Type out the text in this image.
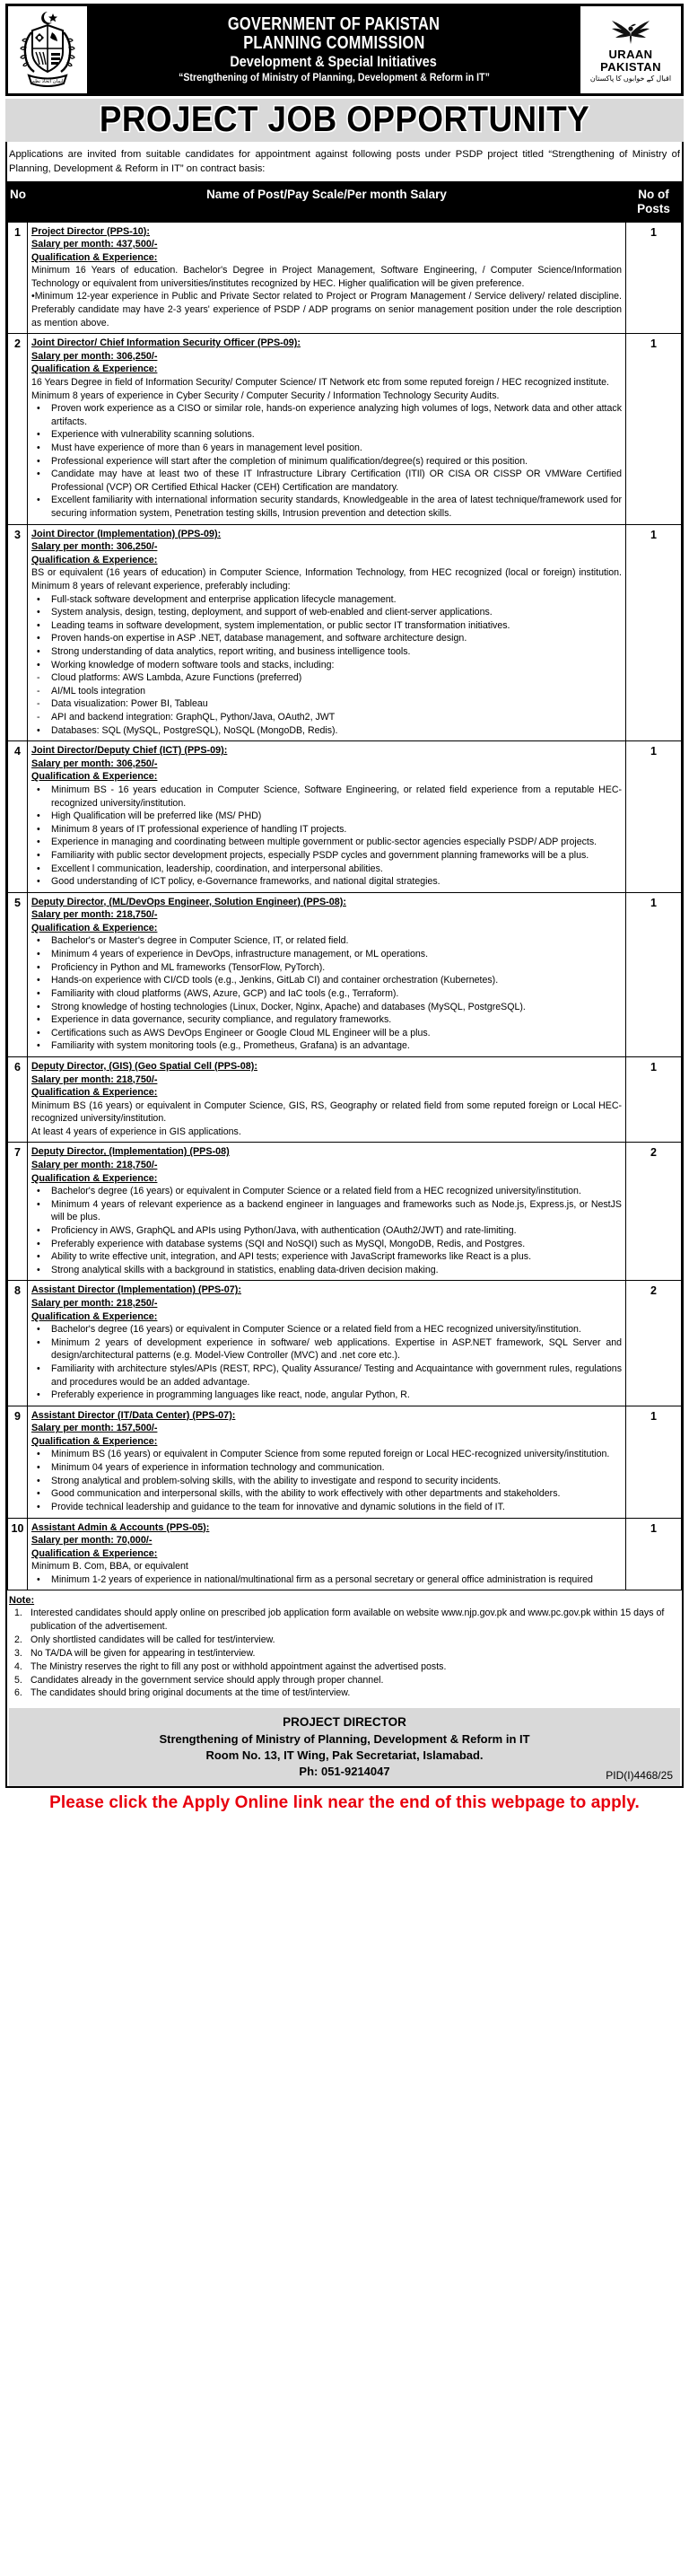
ایمان اتحاد نظم
GOVERNMENT OF PAKISTAN
PLANNING COMMISSION
Development & Special Initiatives
“Strengthening of Ministry of Planning, Development & Reform in IT”
URAAN
PAKISTAN
اقبال کے خوابوں کا پاکستان
PROJECT JOB OPPORTUNITY

Applications are invited from suitable candidates for appointment against following posts under PSDP project titled “Strengthening of Ministry of Planning, Development & Reform in IT” on contract basis:

No	Name of Post/Pay Scale/Per month Salary	No of Posts
1	Project Director (PPS-10):
Salary per month: 437,500/-
Qualification & Experience:
Minimum 16 Years of education. Bachelor's Degree in Project Management, Software Engineering, / Computer Science/Information Technology or equivalent from universities/institutes recognized by HEC. Higher qualification will be given preference.
•Minimum 12-year experience in Public and Private Sector related to Project or Program Management / Service delivery/ related discipline. Preferably candidate may have 2-3 years' experience of PSDP / ADP programs on senior management position under the role description as mention above.	1
2	Joint Director/ Chief Information Security Officer (PPS-09):
Salary per month: 306,250/-
Qualification & Experience:
16 Years Degree in field of Information Security/ Computer Science/ IT Network etc from some reputed foreign / HEC recognized institute.
Minimum 8 years of experience in Cyber Security / Computer Security / Information Technology Security Audits.
• Proven work experience as a CISO or similar role, hands-on experience analyzing high volumes of logs, Network data and other attack artifacts.
• Experience with vulnerability scanning solutions.
• Must have experience of more than 6 years in management level position.
• Professional experience will start after the completion of minimum qualification/degree(s) required or this position.
• Candidate may have at least two of these IT Infrastructure Library Certification (ITIl) OR CISA OR CISSP OR VMWare Certified Professional (VCP) OR Certified Ethical Hacker (CEH) Certification are mandatory.
• Excellent familiarity with international information security standards, Knowledgeable in the area of latest technique/framework used for securing information system, Penetration testing skills, Intrusion prevention and detection skills.
	1
3	Joint Director (Implementation) (PPS-09):
Salary per month: 306,250/-
Qualification & Experience:
BS or equivalent (16 years of education) in Computer Science, Information Technology, from HEC recognized (local or foreign) institution. Minimum 8 years of relevant experience, preferably including:
• Full-stack software development and enterprise application lifecycle management.
• System analysis, design, testing, deployment, and support of web-enabled and client-server applications.
• Leading teams in software development, system implementation, or public sector IT transformation initiatives.
• Proven hands-on expertise in ASP .NET, database management, and software architecture design.
• Strong understanding of data analytics, report writing, and business intelligence tools.
• Working knowledge of modern software tools and stacks, including:
- Cloud platforms: AWS Lambda, Azure Functions (preferred)
- AI/ML tools integration
- Data visualization: Power BI, Tableau
- API and backend integration: GraphQL, Python/Java, OAuth2, JWT
• Databases: SQL (MySQL, PostgreSQL), NoSQL (MongoDB, Redis).
	1
4	Joint Director/Deputy Chief (ICT) (PPS-09):
Salary per month: 306,250/-
Qualification & Experience:
• Minimum BS - 16 years education in Computer Science, Software Engineering, or related field experience from a reputable HEC-recognized university/institution.
• High Qualification will be preferred like (MS/ PHD)
• Minimum 8 years of IT professional experience of handling IT projects.
• Experience in managing and coordinating between multiple government or public-sector agencies especially PSDP/ ADP projects.
• Familiarity with public sector development projects, especially PSDP cycles and government planning frameworks will be a plus.
• Excellent l communication, leadership, coordination, and interpersonal abilities.
• Good understanding of ICT policy, e-Governance frameworks, and national digital strategies.
	1
5	Deputy Director, (ML/DevOps Engineer, Solution Engineer) (PPS-08):
Salary per month: 218,750/-
Qualification & Experience:
• Bachelor's or Master's degree in Computer Science, IT, or related field.
• Minimum 4 years of experience in DevOps, infrastructure management, or ML operations.
• Proficiency in Python and ML frameworks (TensorFlow, PyTorch).
• Hands-on experience with CI/CD tools (e.g., Jenkins, GitLab CI) and container orchestration (Kubernetes).
• Familiarity with cloud platforms (AWS, Azure, GCP) and IaC tools (e.g., Terraform).
• Strong knowledge of hosting technologies (Linux, Docker, Nginx, Apache) and databases (MySQL, PostgreSQL).
• Experience in data governance, security compliance, and regulatory frameworks.
• Certifications such as AWS DevOps Engineer or Google Cloud ML Engineer will be a plus.
• Familiarity with system monitoring tools (e.g., Prometheus, Grafana) is an advantage.
	1
6	Deputy Director, (GIS) (Geo Spatial Cell (PPS-08):
Salary per month: 218,750/-
Qualification & Experience:
Minimum BS (16 years) or equivalent in Computer Science, GIS, RS, Geography or related field from some reputed foreign or Local HEC- recognized university/institution.
At least 4 years of experience in GIS applications.	1
7	Deputy Director, (Implementation) (PPS-08)
Salary per month: 218,750/-
Qualification & Experience:
• Bachelor's degree (16 years) or equivalent in Computer Science or a related field from a HEC recognized university/institution.
• Minimum 4 years of relevant experience as a backend engineer in languages and frameworks such as Node.js, Express.js, or NestJS will be plus.
• Proficiency in AWS, GraphQL and APIs using Python/Java, with authentication (OAuth2/JWT) and rate-limiting.
• Preferably experience with database systems (SQI and NoSQI) such as MySQl, MongoDB, Redis, and Postgres.
• Ability to write effective unit, integration, and API tests; experience with JavaScript frameworks like React is a plus.
• Strong analytical skills with a background in statistics, enabling data-driven decision making.
	2
8	Assistant Director (Implementation) (PPS-07):
Salary per month: 218,250/-
Qualification & Experience:
• Bachelor's degree (16 years) or equivalent in Computer Science or a related field from a HEC recognized university/institution.
• Minimum 2 years of development experience in software/ web applications. Expertise in ASP.NET framework, SQL Server and design/architectural patterns (e.g. Model-View Controller (MVC) and .net core etc.).
• Familiarity with architecture styles/APIs (REST, RPC), Quality Assurance/ Testing and Acquaintance with government rules, regulations and procedures would be an added advantage.
• Preferably experience in programming languages like react, node, angular Python, R.
	2
9	Assistant Director (IT/Data Center) (PPS-07):
Salary per month: 157,500/-
Qualification & Experience:
• Minimum BS (16 years) or equivalent in Computer Science from some reputed foreign or Local HEC-recognized university/institution.
• Minimum 04 years of experience in information technology and communication.
• Strong analytical and problem-solving skills, with the ability to investigate and respond to security incidents.
• Good communication and interpersonal skills, with the ability to work effectively with other departments and stakeholders.
• Provide technical leadership and guidance to the team for innovative and dynamic solutions in the field of IT.
	1
10	Assistant Admin & Accounts (PPS-05):
Salary per month: 70,000/-
Qualification & Experience:
Minimum B. Com, BBA, or equivalent
• Minimum 1-2 years of experience in national/multinational firm as a personal secretary or general office administration is required
	1
Note:
1. Interested candidates should apply online on prescribed job application form available on website www.njp.gov.pk and www.pc.gov.pk within 15 days of publication of the advertisement.
2. Only shortlisted candidates will be called for test/interview.
3. No TA/DA will be given for appearing in test/interview.
4. The Ministry reserves the right to fill any post or withhold appointment against the advertised posts.
5. Candidates already in the government service should apply through proper channel.
6. The candidates should bring original documents at the time of test/interview.
PROJECT DIRECTOR
Strengthening of Ministry of Planning, Development & Reform in IT
Room No. 13, IT Wing, Pak Secretariat, Islamabad.
Ph: 051-9214047	PID(I)4468/25
Please click the Apply Online link near the end of this webpage to apply.
